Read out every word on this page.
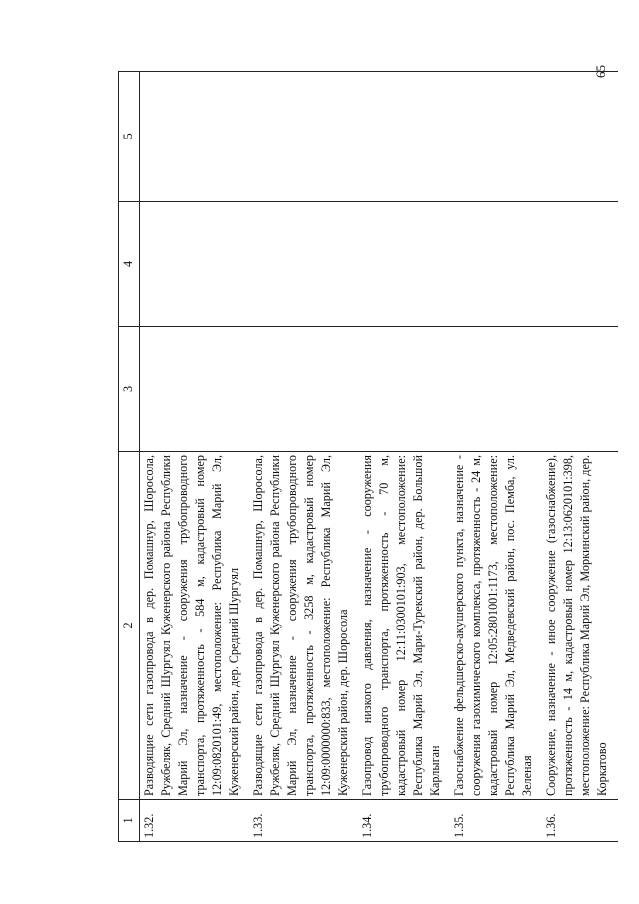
65
1	2	3	4	5
1.32.	Разводящие сети газопровода в дер. Помашнур, Шоросола, Ружбеляк, Средний Шургуял Куженерского района Республики Марий Эл, назначение - сооружения трубопроводного транспорта, протяженность - 584 м, кадастровый номер 12:09:0820101:49, местоположение: Республика Марий Эл, Куженерский район, дер. Средний Шургуял			
1.33.	Разводящие сети газопровода в дер. Помашнур, Шоросола, Ружбеляк, Средний Шургуял Куженерского района Республики Марий Эл, назначение - сооружения трубопроводного транспорта, протяженность - 3258 м, кадастровый номер 12:09:0000000:833, местоположение: Республика Марий Эл, Куженерский район, дер. Шоросола			
1.34.	Газопровод низкого давления, назначение - сооружения трубопроводного транспорта, протяженность - 70 м, кадастровый номер 12:11:0300101:903, местоположение: Республика Марий Эл, Мари-Турекский район, дер. Большой Карлыган			
1.35.	Газоснабжение фельдшерско-акушерского пункта, назначение - сооружения газохимического комплекса, протяженность - 24 м, кадастровый номер 12:05:2801001:1173, местоположение: Республика Марий Эл, Медведевский район, пос. Пемба, ул. Зеленая			
1.36.	Сооружение, назначение - иное сооружение (газоснабжение), протяженность - 14 м, кадастровый номер 12:13:0620101:398, местоположение: Республика Марий Эл, Моркинский район, дер. Коркатово			
